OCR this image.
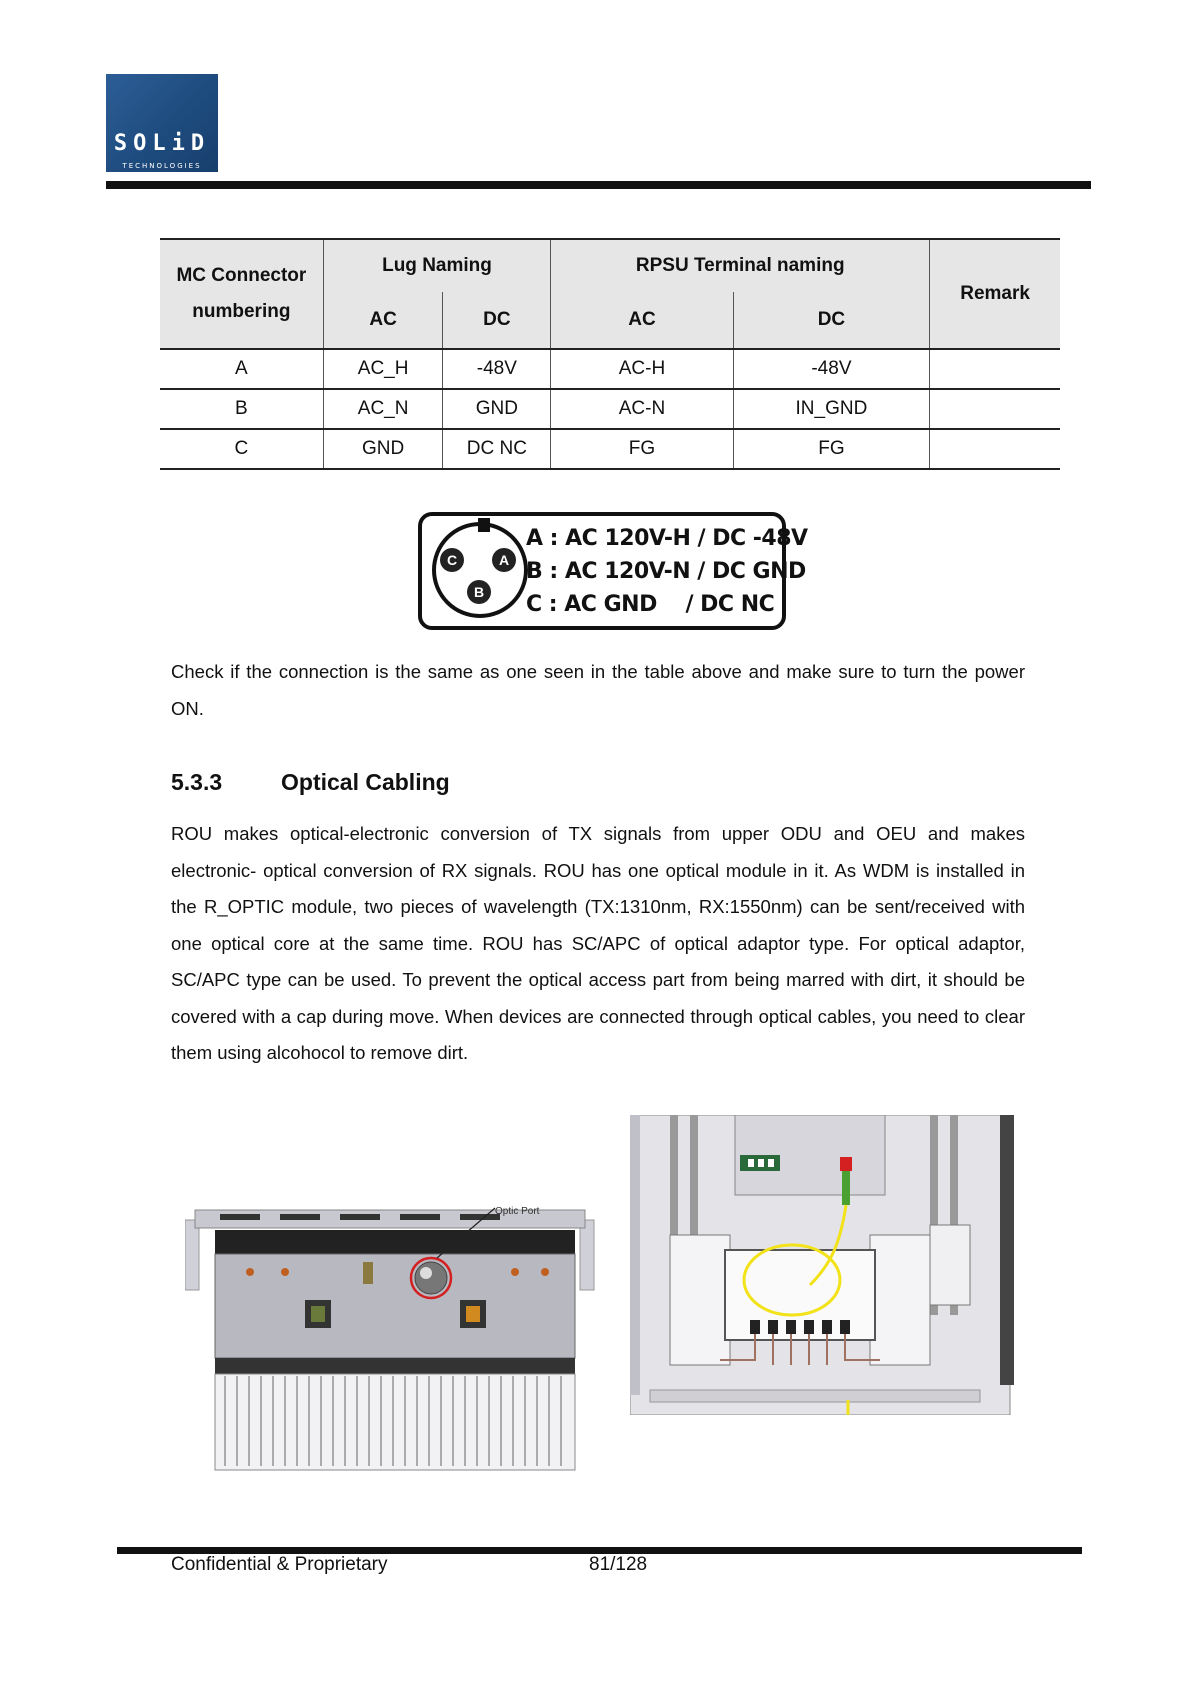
SOLiD
TECHNOLOGIES
MC Connector
numbering	Lug Naming		RPSU Terminal naming		Remark
	AC	DC	AC	DC	
A	AC_H	-48V	AC-H	-48V	
B	AC_N	GND	AC-N	IN_GND	
C	GND	DC NC	FG	FG	
C	A
B
A : AC 120V-H / DC -48V
B : AC 120V-N / DC GND
C : AC GND    / DC NC

Check if the connection is the same as one seen in the table above and make sure to turn the power ON.

5.3.3	Optical Cabling

ROU makes optical-electronic conversion of TX signals from upper ODU and OEU and makes electronic- optical conversion of RX signals. ROU has one optical module in it. As WDM is installed in the R_OPTIC module, two pieces of wavelength (TX:1310nm, RX:1550nm) can be sent/received with one optical core at the same time. ROU has SC/APC of optical adaptor type. For optical adaptor, SC/APC type can be used. To prevent the optical access part from being marred with dirt, it should be covered with a cap during move. When devices are connected through optical cables, you need to clear them using alcohocol to remove dirt.

Optic Port
Confidential & Proprietary	81/128
